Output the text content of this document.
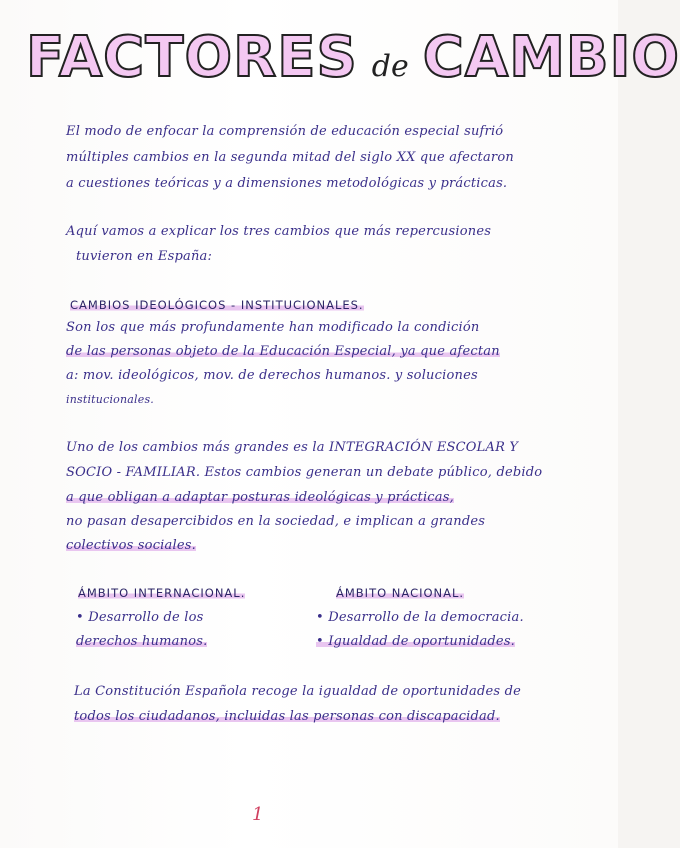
FACTORES de CAMBIO
El modo de enfocar la comprensión de educación especial sufrió
múltiples cambios en la segunda mitad del siglo XX que afectaron
a cuestiones teóricas y a dimensiones metodológicas y prácticas.
Aquí vamos a explicar los tres cambios que más repercusiones
tuvieron en España:
CAMBIOS IDEOLÓGICOS - INSTITUCIONALES.
Son los que más profundamente han modificado la condición
de las personas objeto de la Educación Especial, ya que afectan
a: mov. ideológicos, mov. de derechos humanos. y soluciones
institucionales.
Uno de los cambios más grandes es la INTEGRACIÓN ESCOLAR Y
SOCIO - FAMILIAR. Estos cambios generan un debate público, debido
a que obligan a adaptar posturas ideológicas y prácticas,
no pasan desapercibidos en la sociedad, e implican a grandes
colectivos sociales.
ÁMBITO INTERNACIONAL.
• Desarrollo de los
derechos humanos.
ÁMBITO NACIONAL.
• Desarrollo de la democracia.
• Igualdad de oportunidades.
La Constitución Española recoge la igualdad de oportunidades de
todos los ciudadanos, incluidas las personas con discapacidad.
1
